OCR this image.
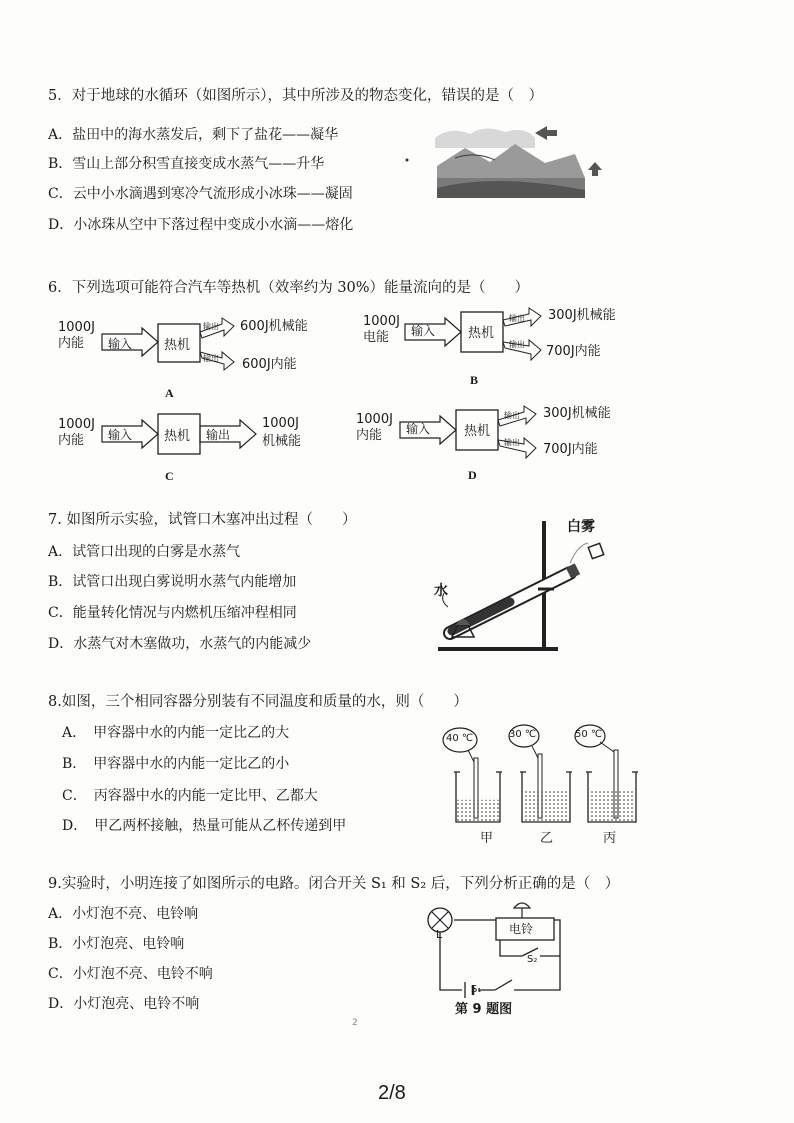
5．对于地球的水循环（如图所示），其中所涉及的物态变化，错误的是（　）
A．盐田中的海水蒸发后，剩下了盐花——凝华
B．雪山上部分积雪直接变成水蒸气——升华
C．云中小水滴遇到寒冷气流形成小冰珠——凝固
D．小冰珠从空中下落过程中变成小水滴——熔化
6．下列选项可能符合汽车等热机（效率约为 30%）能量流向的是（　　）
1000J
内能	输入 热机
输出
输出
600J机械能
600J内能
A
1000J
电能	输入	热机
输出
输出
300J机械能
700J内能
B
1000J
内能	输入 热机 输出
1000J
机械能
C
1000J
内能	输入	热机
输出
输出
300J机械能
700J内能
D
7. 如图所示实验，试管口木塞冲出过程（　　）
A．试管口出现的白雾是水蒸气
B．试管口出现白雾说明水蒸气内能增加
C．能量转化情况与内燃机压缩冲程相同
D．水蒸气对木塞做功，水蒸气的内能减少
白雾
水
8.如图，三个相同容器分别装有不同温度和质量的水，则（　　）
A．　甲容器中水的内能一定比乙的大
B．　甲容器中水的内能一定比乙的小
C．　丙容器中水的内能一定比甲、乙都大
D．　甲乙两杯接触，热量可能从乙杯传递到甲
40 ℃	30 ℃	50 ℃
甲	乙	丙
9.实验时，小明连接了如图所示的电路。闭合开关 S₁ 和 S₂ 后，下列分析正确的是（　）
A．小灯泡不亮、电铃响
B．小灯泡亮、电铃响
C．小灯泡不亮、电铃不响
D．小灯泡亮、电铃不响
L	电铃
S₂
S₁
第 9 题图
2
2/8
